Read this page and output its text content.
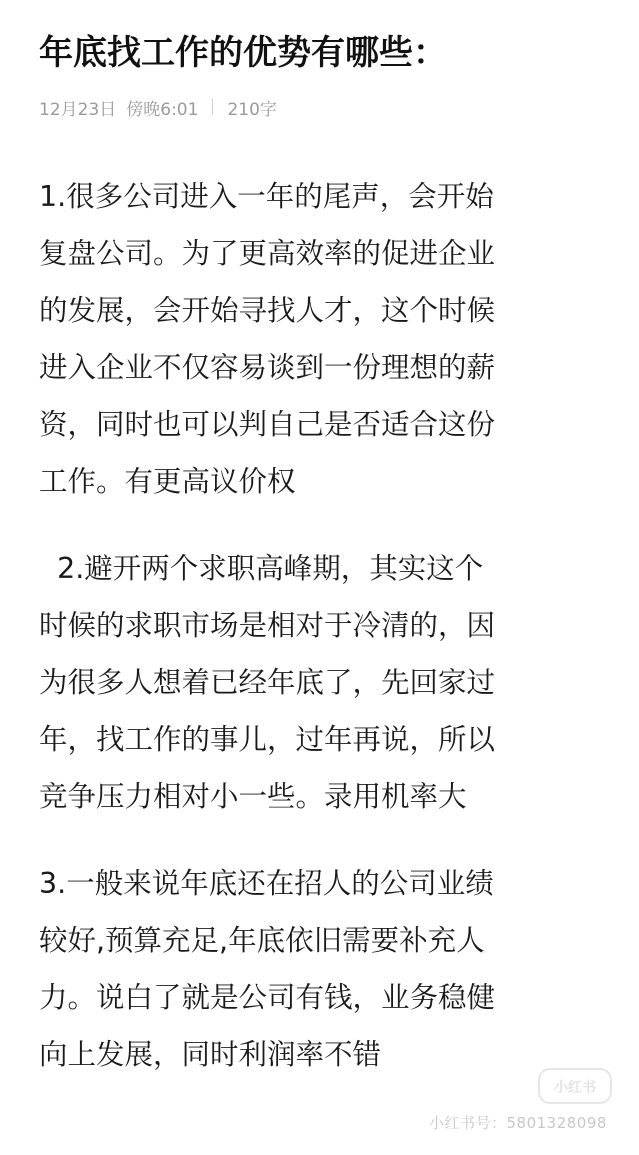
年底找工作的优势有哪些：
12月23日 傍晚6:01 210字
1.很多公司进入一年的尾声，会开始
复盘公司。为了更高效率的促进企业
的发展，会开始寻找人才，这个时候
进入企业不仅容易谈到一份理想的薪
资，同时也可以判自己是否适合这份
工作。有更高议价权
2.避开两个求职高峰期，其实这个
时候的求职市场是相对于冷清的，因
为很多人想着已经年底了，先回家过
年，找工作的事儿，过年再说，所以
竞争压力相对小一些。录用机率大
3.一般来说年底还在招人的公司业绩
较好,预算充足,年底依旧需要补充人
力。说白了就是公司有钱，业务稳健
向上发展，同时利润率不错
小红书
小红书号：5801328098
